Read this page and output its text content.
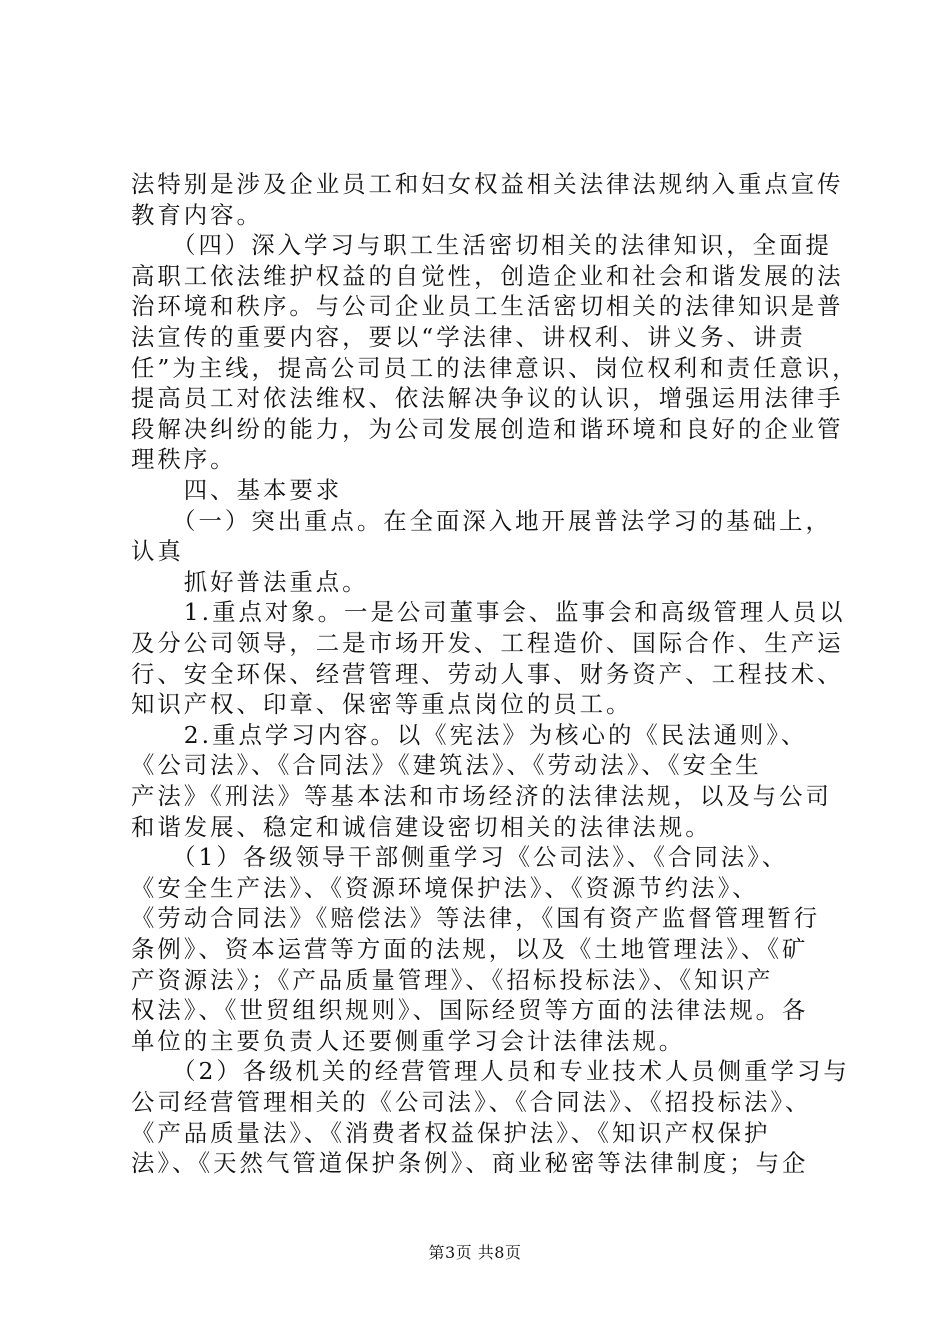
法特别是涉及企业员工和妇女权益相关法律法规纳入重点宣传
教育内容。
　　（四）深入学习与职工生活密切相关的法律知识，全面提
高职工依法维护权益的自觉性，创造企业和社会和谐发展的法
治环境和秩序。与公司企业员工生活密切相关的法律知识是普
法宣传的重要内容，要以“学法律、讲权利、讲义务、讲责
任”为主线，提高公司员工的法律意识、岗位权利和责任意识，
提高员工对依法维权、依法解决争议的认识，增强运用法律手
段解决纠纷的能力，为公司发展创造和谐环境和良好的企业管
理秩序。
　　四、基本要求
　　（一）突出重点。在全面深入地开展普法学习的基础上，
认真
　　抓好普法重点。
　　1.重点对象。一是公司董事会、监事会和高级管理人员以
及分公司领导，二是市场开发、工程造价、国际合作、生产运
行、安全环保、经营管理、劳动人事、财务资产、工程技术、
知识产权、印章、保密等重点岗位的员工。
　　2.重点学习内容。以《宪法》为核心的《民法通则》、
《公司法》、《合同法》《建筑法》、《劳动法》、《安全生
产法》《刑法》等基本法和市场经济的法律法规，以及与公司
和谐发展、稳定和诚信建设密切相关的法律法规。
　　（1）各级领导干部侧重学习《公司法》、《合同法》、
《安全生产法》、《资源环境保护法》、《资源节约法》、
《劳动合同法》《赔偿法》等法律，《国有资产监督管理暂行
条例》、资本运营等方面的法规，以及《土地管理法》、《矿
产资源法》；《产品质量管理》、《招标投标法》、《知识产
权法》、《世贸组织规则》、国际经贸等方面的法律法规。各
单位的主要负责人还要侧重学习会计法律法规。
　　（2）各级机关的经营管理人员和专业技术人员侧重学习与
公司经营管理相关的《公司法》、《合同法》、《招投标法》、
《产品质量法》、《消费者权益保护法》、《知识产权保护
法》、《天然气管道保护条例》、商业秘密等法律制度；与企
第3页 共8页
